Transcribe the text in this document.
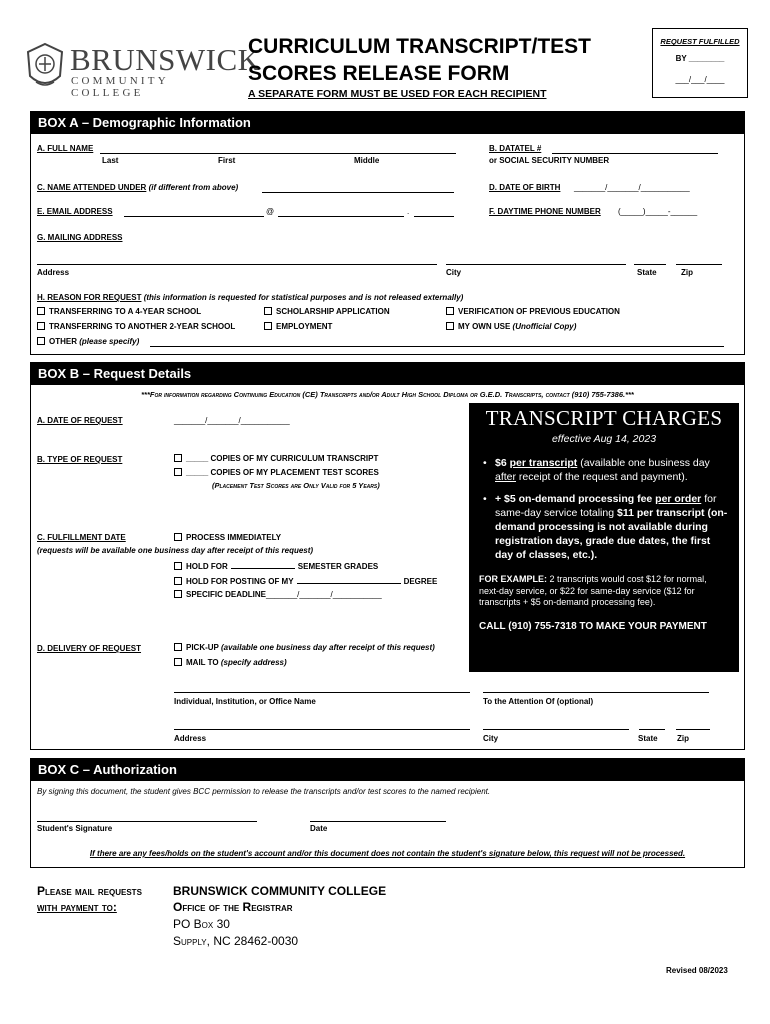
BRUNSWICK
COMMUNITY COLLEGE
CURRICULUM TRANSCRIPT/TEST
SCORES RELEASE FORM
A SEPARATE FORM MUST BE USED FOR EACH RECIPIENT
REQUEST FULFILLED
BY ________
___/___/____
BOX A – Demographic Information
A. FULL NAME
Last	First	Middle
B. DATATEL #
or SOCIAL SECURITY NUMBER
C. NAME ATTENDED UNDER (if different from above)	D. DATE OF BIRTH _______/_______/___________
E. EMAIL ADDRESS	@	.	F. DAYTIME PHONE NUMBER (_____)_____-______
G. MAILING ADDRESS
Address	City	State	Zip
H. REASON FOR REQUEST (this information is requested for statistical purposes and is not released externally)
TRANSFERRING TO A 4-YEAR SCHOOL	SCHOLARSHIP APPLICATION	VERIFICATION OF PREVIOUS EDUCATION
TRANSFERRING TO ANOTHER 2-YEAR SCHOOL	EMPLOYMENT	MY OWN USE (Unofficial Copy)
OTHER (please specify)
BOX B – Request Details
***For information regarding Continuing Education (CE) Transcripts and/or Adult High School Diploma or G.E.D. Transcripts, contact (910) 755-7386.***
A. DATE OF REQUEST	_______/_______/___________
B. TYPE OF REQUEST	_____ COPIES OF MY CURRICULUM TRANSCRIPT
_____ COPIES OF MY PLACEMENT TEST SCORES
(Placement Test Scores are Only Valid for 5 Years)
C. FULFILLMENT DATE
(requests will be available one business day after receipt of this request)
PROCESS IMMEDIATELY
HOLD FOR	SEMESTER GRADES
HOLD FOR POSTING OF MY	DEGREE
SPECIFIC DEADLINE_______/_______/___________
D. DELIVERY OF REQUEST	PICK-UP (available one business day after receipt of this request)
MAIL TO (specify address)
Individual, Institution, or Office Name	To the Attention Of (optional)
Address	City	State Zip
TRANSCRIPT CHARGES
effective Aug 14, 2023
• $6 per transcript (available one business day after receipt of the request and payment).
• + $5 on-demand processing fee per order for same-day service totaling $11 per transcript (on-demand processing is not available during registration days, grade due dates, the first day of classes, etc.).
FOR EXAMPLE: 2 transcripts would cost $12 for normal, next-day service, or $22 for same-day service ($12 for transcripts + $5 on-demand processing fee).
CALL (910) 755-7318 TO MAKE YOUR PAYMENT
BOX C – Authorization
By signing this document, the student gives BCC permission to release the transcripts and/or test scores to the named recipient.
Student's Signature	Date
If there are any fees/holds on the student's account and/or this document does not contain the student's signature below, this request will not be processed.
Please mail requests
with payment to:
BRUNSWICK COMMUNITY COLLEGE
Office of the Registrar
PO Box 30
Supply, NC 28462-0030
Revised 08/2023
